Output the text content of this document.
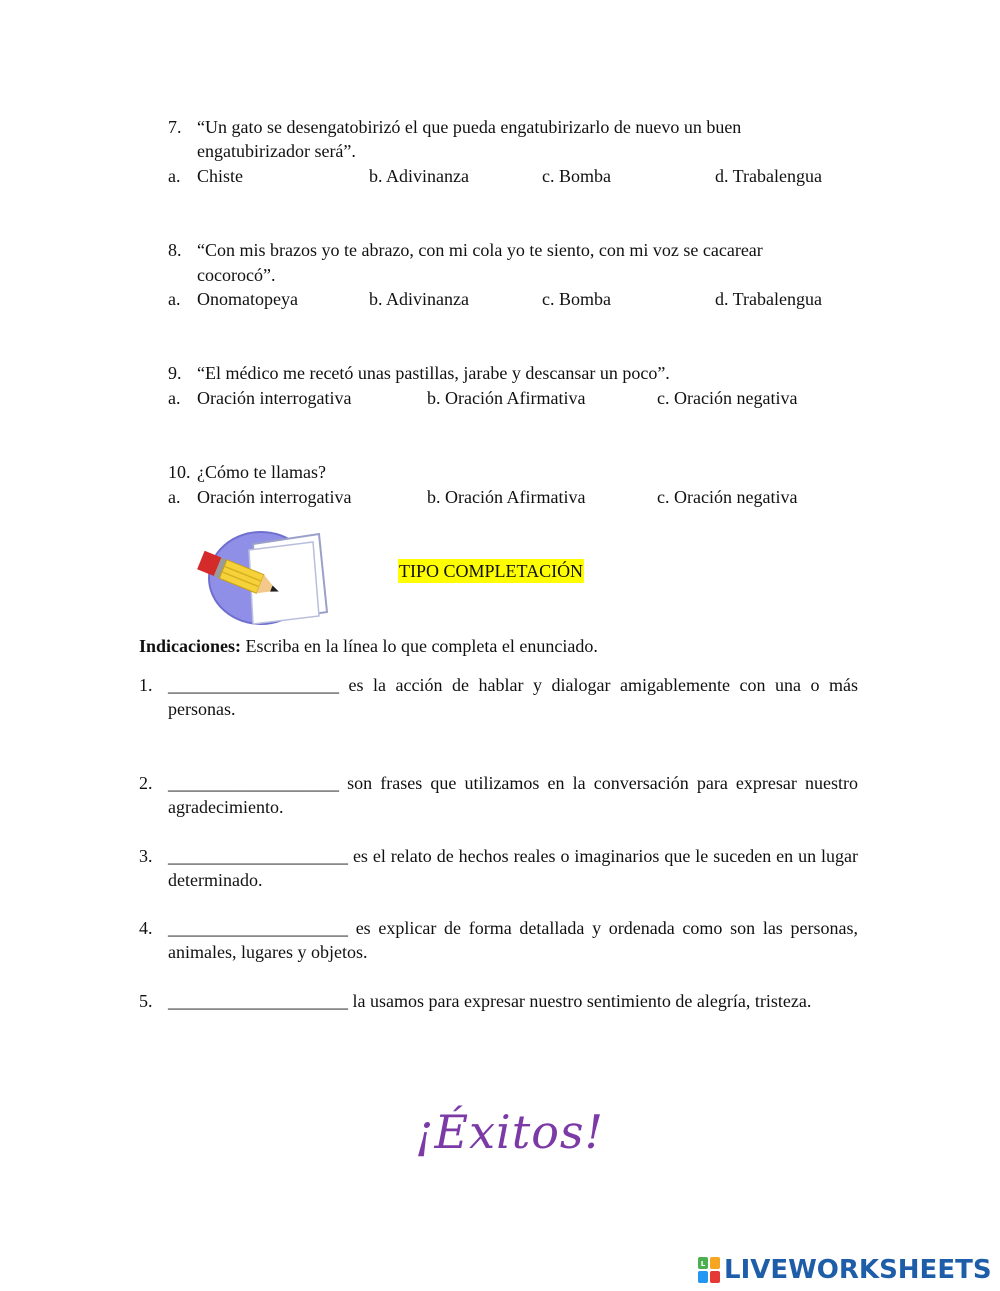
7. “Un gato se desengatobirizó el que pueda engatubirizarlo de nuevo un buen
engatubirizador será”.
a. Chiste	b. Adivinanza	c. Bomba	d. Trabalengua
8. “Con mis brazos yo te abrazo, con mi cola yo te siento, con mi voz se cacarear
cocorocó”.
a. Onomatopeya	b. Adivinanza	c. Bomba	d. Trabalengua
9. “El médico me recetó unas pastillas, jarabe y descansar un poco”.
a. Oración interrogativa	b. Oración Afirmativa	c. Oración negativa
10. ¿Cómo te llamas?
a. Oración interrogativa	b. Oración Afirmativa	c. Oración negativa
TIPO COMPLETACIÓN
Indicaciones: Escriba en la línea lo que completa el enunciado.
1. ___________________ es la acción de hablar y dialogar amigablemente con una o más personas.
2. ___________________ son frases que utilizamos en la conversación para expresar nuestro agradecimiento.
3. ____________________ es el relato de hechos reales o imaginarios que le suceden en un lugar determinado.
4. ____________________ es explicar de forma detallada y ordenada como son las personas, animales, lugares y objetos.
5. ____________________ la usamos para expresar nuestro sentimiento de alegría, tristeza.
¡Éxitos!
L LIVEWORKSHEETS
